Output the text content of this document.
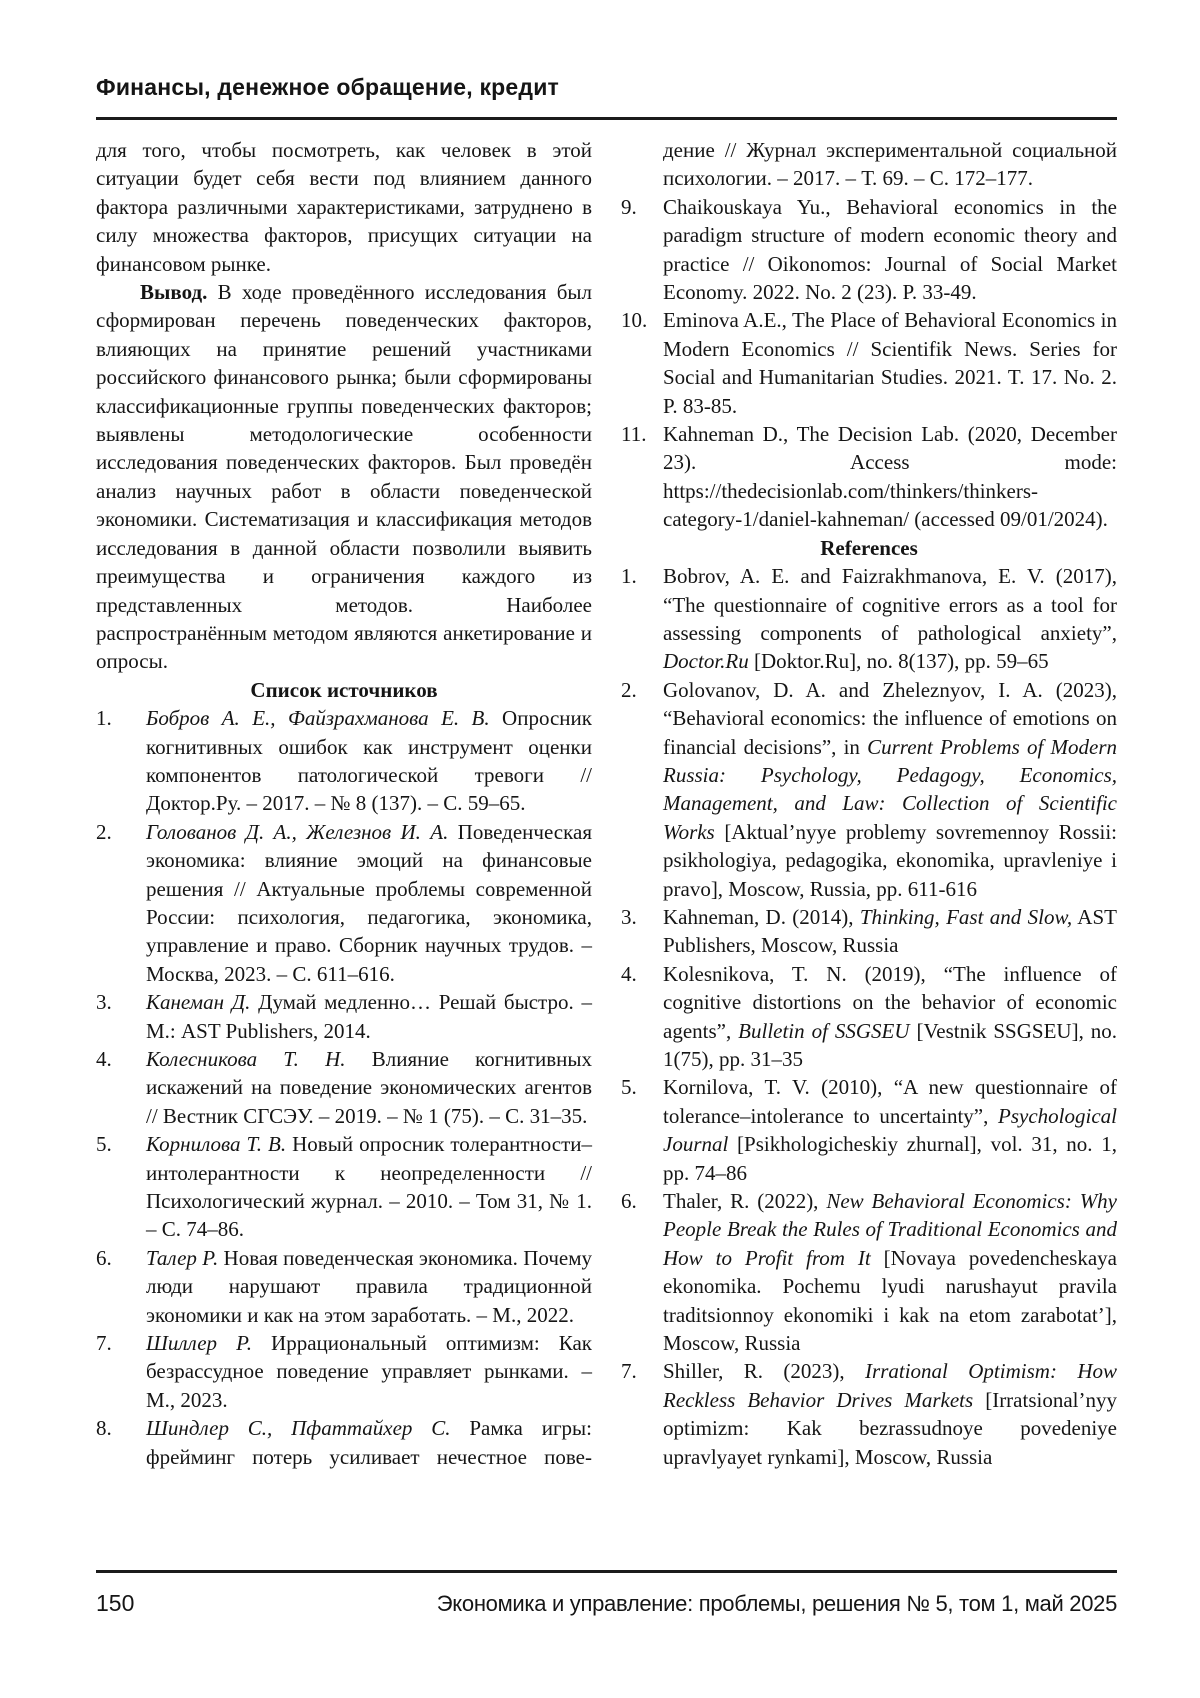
Финансы, денежное обращение, кредит

для того, чтобы посмотреть, как человек в этой ситуации будет себя вести под влиянием данного фактора различными характеристиками, затруднено в силу множества факторов, присущих ситуации на финансовом рынке.

Вывод. В ходе проведённого исследования был сформирован перечень поведенческих факторов, влияющих на принятие решений участниками российского финансового рынка; были сформированы классификационные группы поведенческих факторов; выявлены методологические особенности исследования поведенческих факторов. Был проведён анализ научных работ в области поведенческой экономики. Систематизация и классификация методов исследования в данной области позволили выявить преимущества и ограничения каждого из представленных методов. Наиболее распространённым методом являются анкетирование и опросы.

Список источников

1. Бобров А. Е., Файзрахманова Е. В. Опросник когнитивных ошибок как инструмент оценки компонентов патологической тревоги // Доктор.Ру. – 2017. – № 8 (137). – С. 59–65.
2. Голованов Д. А., Железнов И. А. Поведенческая экономика: влияние эмоций на финансовые решения // Актуальные проблемы современной России: психология, педагогика, экономика, управление и право. Сборник научных трудов. – Москва, 2023. – С. 611–616.
3. Канеман Д. Думай медленно… Решай быстро. – М.: AST Publishers, 2014.
4. Колесникова Т. Н. Влияние когнитивных искажений на поведение экономических агентов // Вестник СГСЭУ. – 2019. – № 1 (75). – С. 31–35.
5. Корнилова Т. В. Новый опросник толерантности–интолерантности к неопределенности // Психологический журнал. – 2010. – Том 31, № 1. – С. 74–86.
6. Талер Р. Новая поведенческая экономика. Почему люди нарушают правила традиционной экономики и как на этом заработать. – М., 2022.
7. Шиллер Р. Иррациональный оптимизм: Как безрассудное поведение управляет рынками. – М., 2023.
8. Шиндлер С., Пфаттайхер С. Рамка игры: фрейминг потерь усиливает нечестное пове-

дение // Журнал экспериментальной социальной психологии. – 2017. – Т. 69. – С. 172–177.

9. Chaikouskaya Yu., Behavioral economics in the paradigm structure of modern economic theory and practice // Oikonomos: Journal of Social Market Economy. 2022. No. 2 (23). P. 33-49.
10. Eminova A.E., The Place of Behavioral Economics in Modern Economics // Scientifik News. Series for Social and Humanitarian Studies. 2021. T. 17. No. 2. P. 83-85.
11. Kahneman D., The Decision Lab. (2020, December 23). Access mode: https://thedecisionlab.com/thinkers/thinkers-category-1/daniel-kahneman/ (accessed 09/01/2024).

References

1. Bobrov, A. E. and Faizrakhmanova, E. V. (2017), “The questionnaire of cognitive errors as a tool for assessing components of pathological anxiety”, Doctor.Ru [Doktor.Ru], no. 8(137), pp. 59–65
2. Golovanov, D. A. and Zheleznyov, I. A. (2023), “Behavioral economics: the influence of emotions on financial decisions”, in Current Problems of Modern Russia: Psychology, Pedagogy, Economics, Management, and Law: Collection of Scientific Works [Aktual’nyye problemy sovremennoy Rossii: psikhologiya, pedagogika, ekonomika, upravleniye i pravo], Moscow, Russia, pp. 611-616
3. Kahneman, D. (2014), Thinking, Fast and Slow, AST Publishers, Moscow, Russia
4. Kolesnikova, T. N. (2019), “The influence of cognitive distortions on the behavior of economic agents”, Bulletin of SSGSEU [Vestnik SSGSEU], no. 1(75), pp. 31–35
5. Kornilova, T. V. (2010), “A new questionnaire of tolerance–intolerance to uncertainty”, Psychological Journal [Psikhologicheskiy zhurnal], vol. 31, no. 1, pp. 74–86
6. Thaler, R. (2022), New Behavioral Economics: Why People Break the Rules of Traditional Economics and How to Profit from It [Novaya povedencheskaya ekonomika. Pochemu lyudi narushayut pravila traditsionnoy ekonomiki i kak na etom zarabotat’], Moscow, Russia
7. Shiller, R. (2023), Irrational Optimism: How Reckless Behavior Drives Markets [Irratsional’nyy optimizm: Kak bezrassudnoye povedeniye upravlyayet rynkami], Moscow, Russia
150	Экономика и управление: проблемы, решения № 5, том 1, май 2025
